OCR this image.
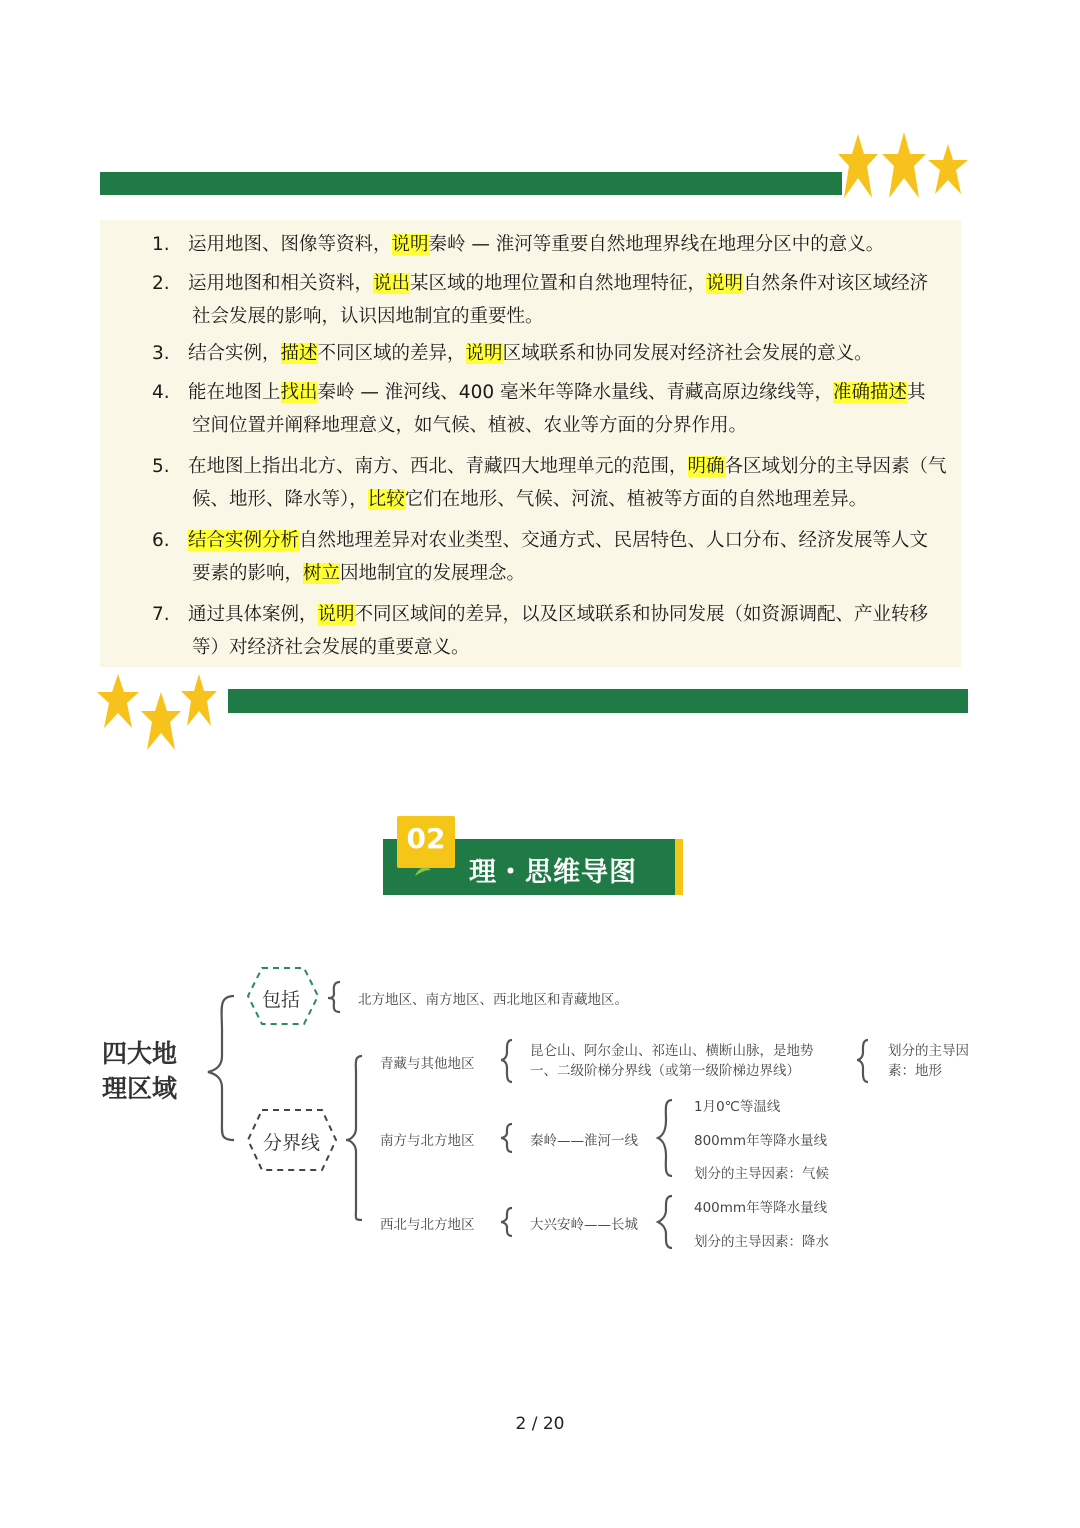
1. 运用地图、图像等资料，说明秦岭 — 淮河等重要自然地理界线在地理分区中的意义。
2. 运用地图和相关资料，说出某区域的地理位置和自然地理特征，说明自然条件对该区域经济
社会发展的影响，认识因地制宜的重要性。
3. 结合实例，描述不同区域的差异，说明区域联系和协同发展对经济社会发展的意义。
4. 能在地图上找出秦岭 — 淮河线、400 毫米年等降水量线、青藏高原边缘线等，准确描述其
空间位置并阐释地理意义，如气候、植被、农业等方面的分界作用。
5. 在地图上指出北方、南方、西北、青藏四大地理单元的范围，明确各区域划分的主导因素（气
候、地形、降水等），比较它们在地形、气候、河流、植被等方面的自然地理差异。
6. 结合实例分析自然地理差异对农业类型、交通方式、民居特色、人口分布、经济发展等人文
要素的影响，树立因地制宜的发展理念。
7. 通过具体案例，说明不同区域间的差异，以及区域联系和协同发展（如资源调配、产业转移
等）对经济社会发展的重要意义。
02
理・思维导图
四大地
理区域
包括	北方地区、南方地区、西北地区和青藏地区。
分界线
青藏与其他地区
昆仑山、阿尔金山、祁连山、横断山脉，是地势
一、二级阶梯分界线（或第一级阶梯边界线）
划分的主导因
素：地形
南方与北方地区	秦岭——淮河一线
1月0℃等温线
800mm年等降水量线
划分的主导因素：气候
西北与北方地区	大兴安岭——长城
400mm年等降水量线
划分的主导因素：降水
2 / 20
